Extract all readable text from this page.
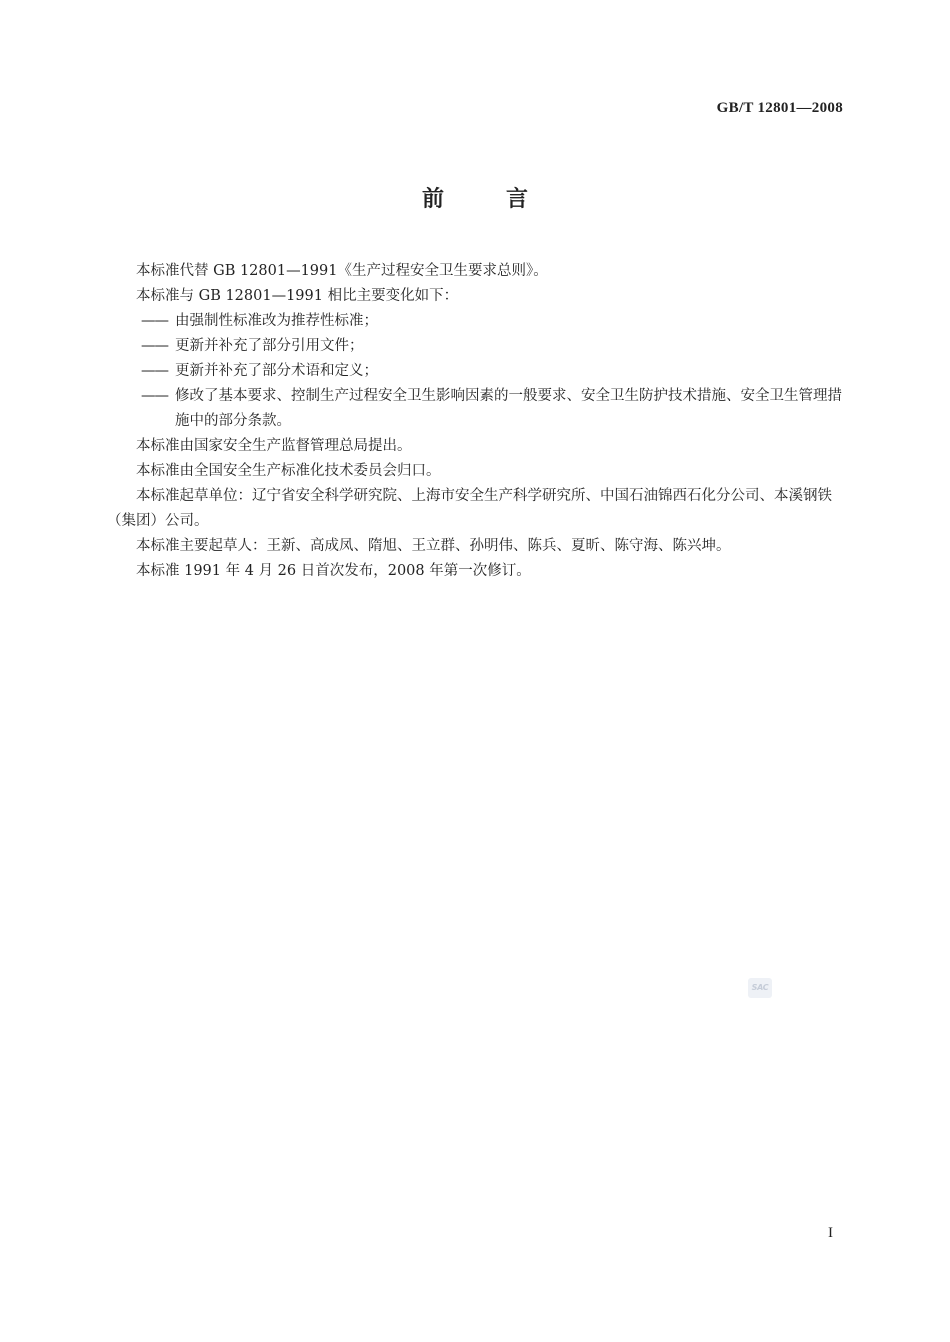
GB/T 12801—2008
前言

本标准代替 GB 12801—1991《生产过程安全卫生要求总则》。

本标准与 GB 12801—1991 相比主要变化如下：

—— 由强制性标准改为推荐性标准；

—— 更新并补充了部分引用文件；

—— 更新并补充了部分术语和定义；

—— 修改了基本要求、控制生产过程安全卫生影响因素的一般要求、安全卫生防护技术措施、安全卫生管理措施中的部分条款。

本标准由国家安全生产监督管理总局提出。

本标准由全国安全生产标准化技术委员会归口。

本标准起草单位：辽宁省安全科学研究院、上海市安全生产科学研究所、中国石油锦西石化分公司、本溪钢铁（集团）公司。

本标准主要起草人：王新、高成凤、隋旭、王立群、孙明伟、陈兵、夏昕、陈守海、陈兴坤。

本标准 1991 年 4 月 26 日首次发布，2008 年第一次修订。

SAC
I
